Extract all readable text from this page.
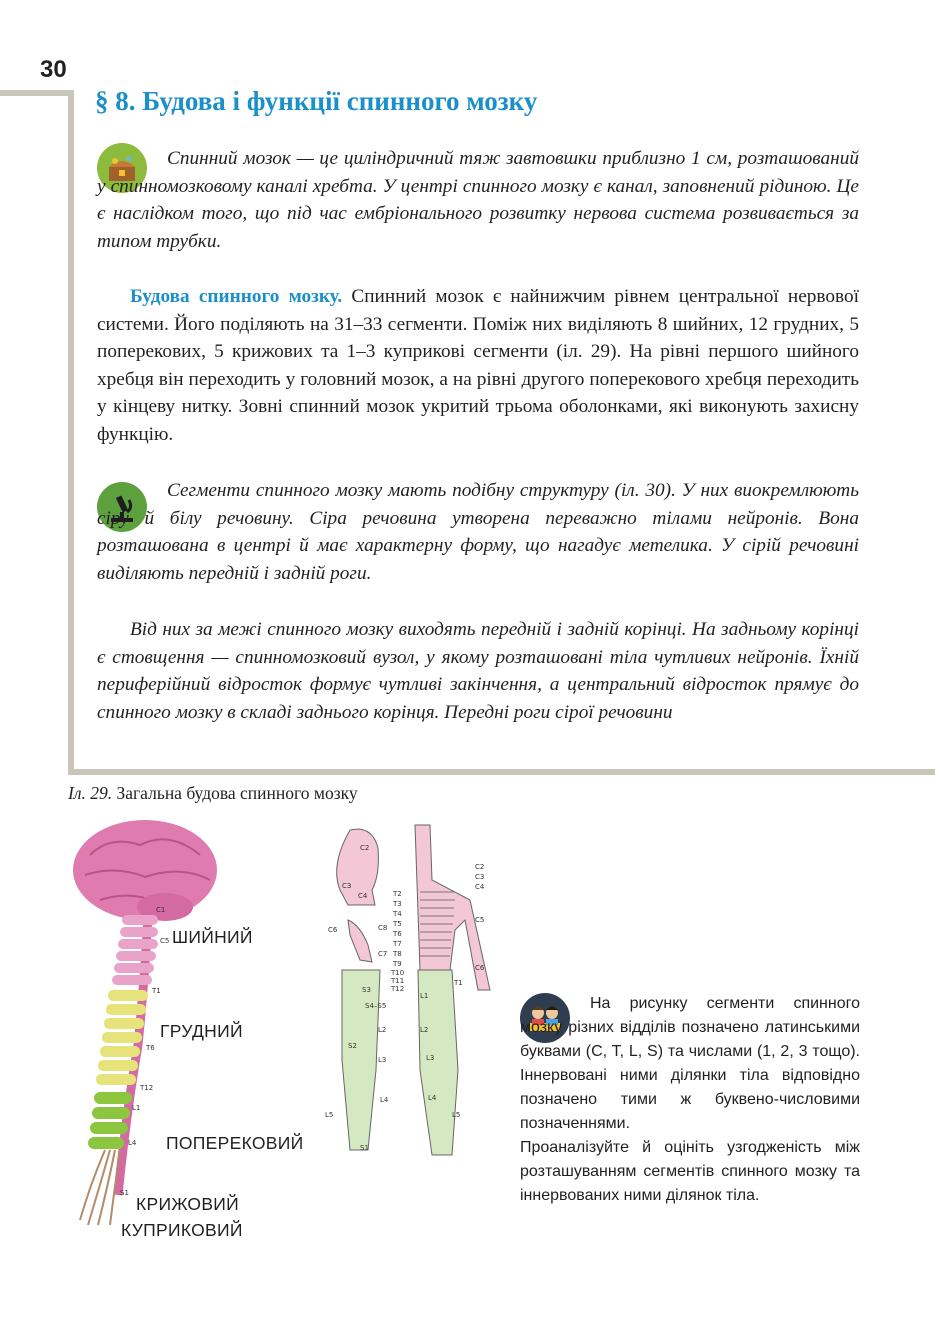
30
§ 8. Будова і функції спинного мозку

Спинний мозок — це циліндричний тяж завтовшки приблизно 1 см, розташований у спинномозковому каналі хребта. У центрі спинного мозку є канал, заповнений рідиною. Це є наслідком того, що під час ембріонального розвитку нервова система розвивається за типом трубки.

Будова спинного мозку. Спинний мозок є найнижчим рівнем центральної нервової системи. Його поділяють на 31–33 сегменти. Поміж них виділяють 8 шийних, 12 грудних, 5 поперекових, 5 крижових та 1–3 куприкові сегменти (іл. 29). На рівні першого шийного хребця він переходить у головний мозок, а на рівні другого поперекового хребця переходить у кінцеву нитку. Зовні спинний мозок укритий трьома оболонками, які виконують захисну функцію.

Сегменти спинного мозку мають подібну структуру (іл. 30). У них виокремлюють сіру й білу речовину. Сіра речовина утворена переважно тілами нейронів. Вона розташована в центрі й має характерну форму, що нагадує метелика. У сірій речовині виділяють передній і задній роги.

Від них за межі спинного мозку виходять передній і задній корінці. На задньому корінці є стовщення — спинномозковий вузол, у якому розташовані тіла чутливих нейронів. Їхній периферійний відросток формує чутливі закінчення, а центральний відросток прямує до спинного мозку в складі заднього корінця. Передні роги сірої речовини

Іл. 29. Загальна будова спинного мозку
C1
C5
T1
T6
T12
L1
L4
S1
ШИЙНИЙ
ГРУДНИЙ
ПОПЕРЕКОВИЙ
КРИЖОВИЙ
КУПРИКОВИЙ
C2
C3
C4
C2
C3
C4
C5
C6
C6	C8
C7
T1
T2
T3
T4
T5
T6
T7
T8
T9
T10
T11
T12
L1
L2
L3
L4
L5
S3
S4–S5
S2
L2
L3
L4
L5
S1

На рисунку сегменти спинного мозку різних відділів позначено латинськими буквами (C, T, L, S) та числами (1, 2, 3 тощо). Іннервовані ними ділянки тіла відповідно позначено тими ж буквено-числовими позначеннями.

Проаналізуйте й оцініть узгодженість між розташуванням сегментів спинного мозку та іннервованих ними ділянок тіла.
